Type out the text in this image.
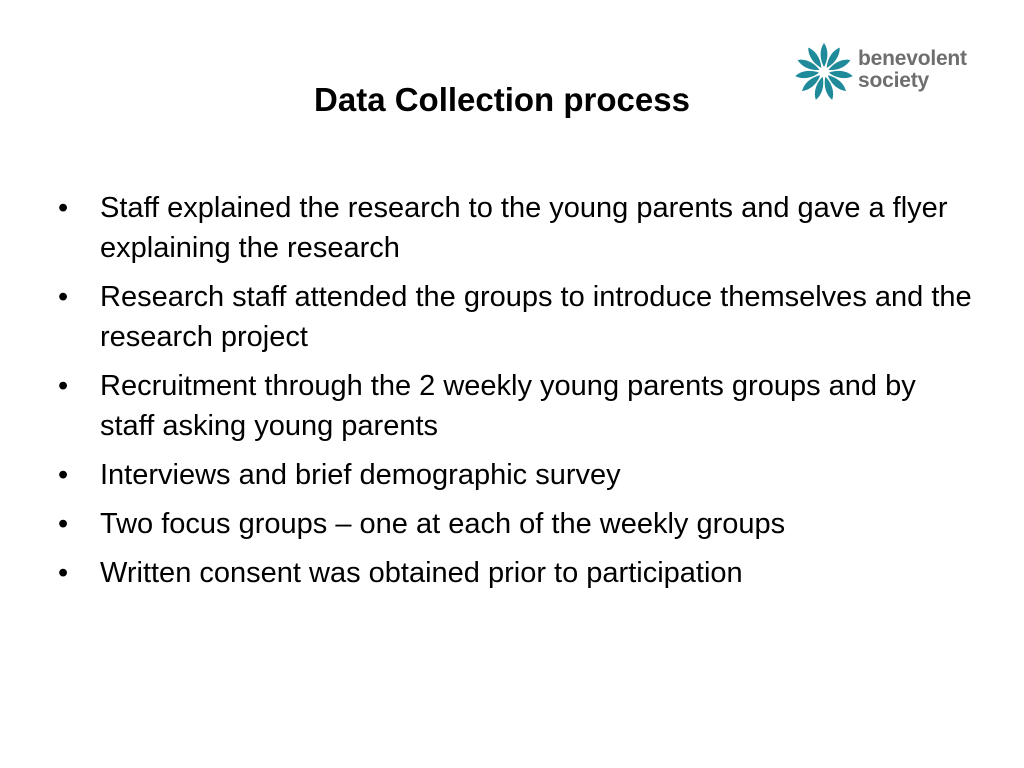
Data Collection process
benevolent
society
• Staff explained the research to the young parents and gave a flyer explaining the research
• Research staff attended the groups to introduce themselves and the research project
• Recruitment through the 2 weekly young parents groups and by staff asking young parents
• Interviews and brief demographic survey
• Two focus groups – one at each of the weekly groups
• Written consent was obtained prior to participation
